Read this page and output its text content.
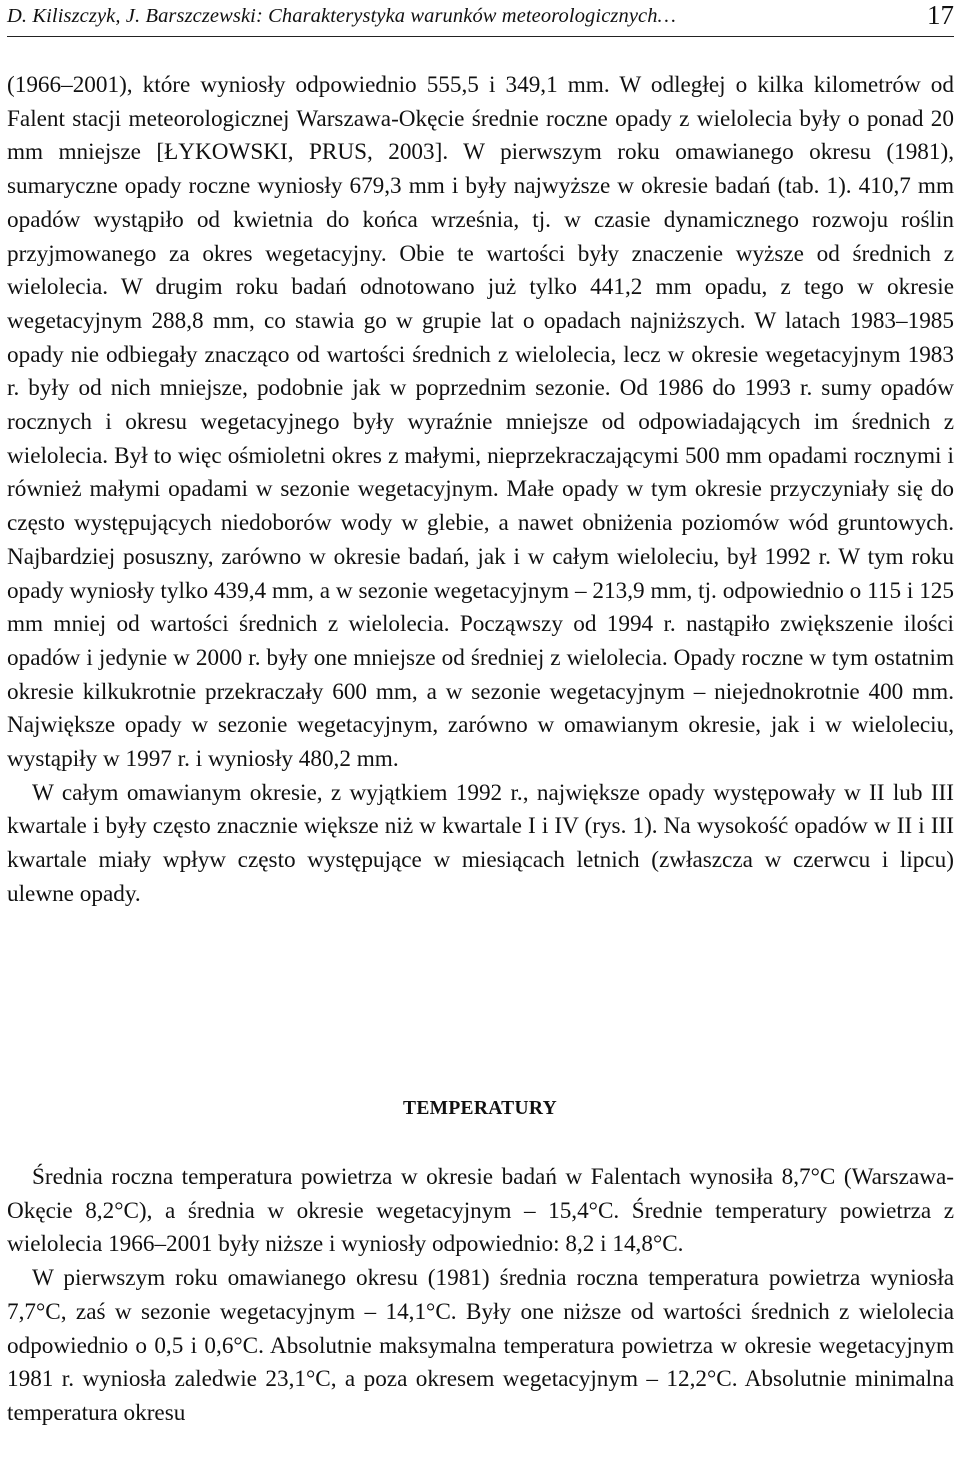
D. Kiliszczyk, J. Barszczewski: Charakterystyka warunków meteorologicznych…	17

(1966–2001), które wyniosły odpowiednio 555,5 i 349,1 mm. W odległej o kilka kilometrów od Falent stacji meteorologicznej Warszawa-Okęcie średnie roczne opady z wielolecia były o ponad 20 mm mniejsze [ŁYKOWSKI, PRUS, 2003]. W pierwszym roku omawianego okresu (1981), sumaryczne opady roczne wyniosły 679,3 mm i były najwyższe w okresie badań (tab. 1). 410,7 mm opadów wystąpiło od kwietnia do końca września, tj. w czasie dynamicznego rozwoju roślin przyjmowanego za okres wegetacyjny. Obie te wartości były znaczenie wyższe od średnich z wielolecia. W drugim roku badań odnotowano już tylko 441,2 mm opadu, z tego w okresie wegetacyjnym 288,8 mm, co stawia go w grupie lat o opadach najniższych. W latach 1983–1985 opady nie odbiegały znacząco od wartości średnich z wielolecia, lecz w okresie wegetacyjnym 1983 r. były od nich mniejsze, podobnie jak w poprzednim sezonie. Od 1986 do 1993 r. sumy opadów rocznych i okresu wegetacyjnego były wyraźnie mniejsze od odpowiadających im średnich z wielolecia. Był to więc ośmioletni okres z małymi, nieprzekraczającymi 500 mm opadami rocznymi i również małymi opadami w sezonie wegetacyjnym. Małe opady w tym okresie przyczyniały się do często występujących niedoborów wody w glebie, a nawet obniżenia poziomów wód gruntowych. Najbardziej posuszny, zarówno w okresie badań, jak i w całym wieloleciu, był 1992 r. W tym roku opady wyniosły tylko 439,4 mm, a w sezonie wegetacyjnym – 213,9 mm, tj. odpowiednio o 115 i 125 mm mniej od wartości średnich z wielolecia. Począwszy od 1994 r. nastąpiło zwiększenie ilości opadów i jedynie w 2000 r. były one mniejsze od średniej z wielolecia. Opady roczne w tym ostatnim okresie kilkukrotnie przekraczały 600 mm, a w sezonie wegetacyjnym – niejednokrotnie 400 mm. Największe opady w sezonie wegetacyjnym, zarówno w omawianym okresie, jak i w wieloleciu, wystąpiły w 1997 r. i wyniosły 480,2 mm.

W całym omawianym okresie, z wyjątkiem 1992 r., największe opady występowały w II lub III kwartale i były często znacznie większe niż w kwartale I i IV (rys. 1). Na wysokość opadów w II i III kwartale miały wpływ często występujące w miesiącach letnich (zwłaszcza w czerwcu i lipcu) ulewne opady.

TEMPERATURY

Średnia roczna temperatura powietrza w okresie badań w Falentach wynosiła 8,7°C (Warszawa-Okęcie 8,2°C), a średnia w okresie wegetacyjnym – 15,4°C. Średnie temperatury powietrza z wielolecia 1966–2001 były niższe i wyniosły odpowiednio: 8,2 i 14,8°C.

W pierwszym roku omawianego okresu (1981) średnia roczna temperatura powietrza wyniosła 7,7°C, zaś w sezonie wegetacyjnym – 14,1°C. Były one niższe od wartości średnich z wielolecia odpowiednio o 0,5 i 0,6°C. Absolutnie maksymalna temperatura powietrza w okresie wegetacyjnym 1981 r. wyniosła zaledwie 23,1°C, a poza okresem wegetacyjnym – 12,2°C. Absolutnie minimalna temperatura okresu
